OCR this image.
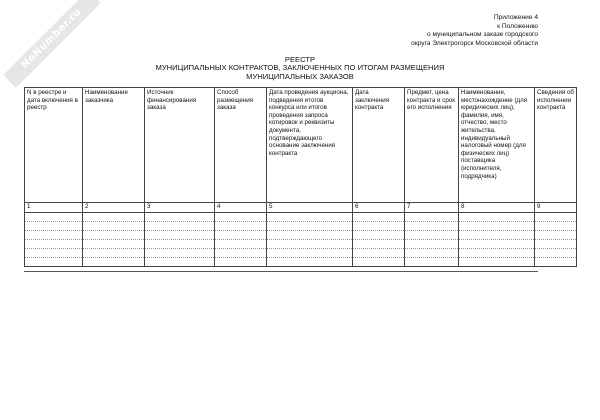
NoNumber.ru	Приложение 4
к Положению
о муниципальном заказе городского
округа Электрогорск Московской области
РЕЕСТР
МУНИЦИПАЛЬНЫХ КОНТРАКТОВ, ЗАКЛЮЧЕННЫХ ПО ИТОГАМ РАЗМЕЩЕНИЯ
МУНИЦИПАЛЬНЫХ ЗАКАЗОВ
N в реестре и дата включения в реестр	Наименование заказчика	Источник финансирования заказа	Способ размещения заказа	Дата проведения аукциона, подведения итогов конкурса или итогов проведения запроса котировок и реквизиты документа, подтверждающего основание заключения контракта	Дата заключения контракта	Предмет, цена контракта и срок его исполнения	Наименование, местонахождение (для юридических лиц), фамилия, имя, отчество, место жительства, индивидуальный налоговый номер (для физических лиц) поставщика (исполнителя, подрядчика)	Сведения об исполнении контракта
1	2	3	4	5	6	7	8	9
